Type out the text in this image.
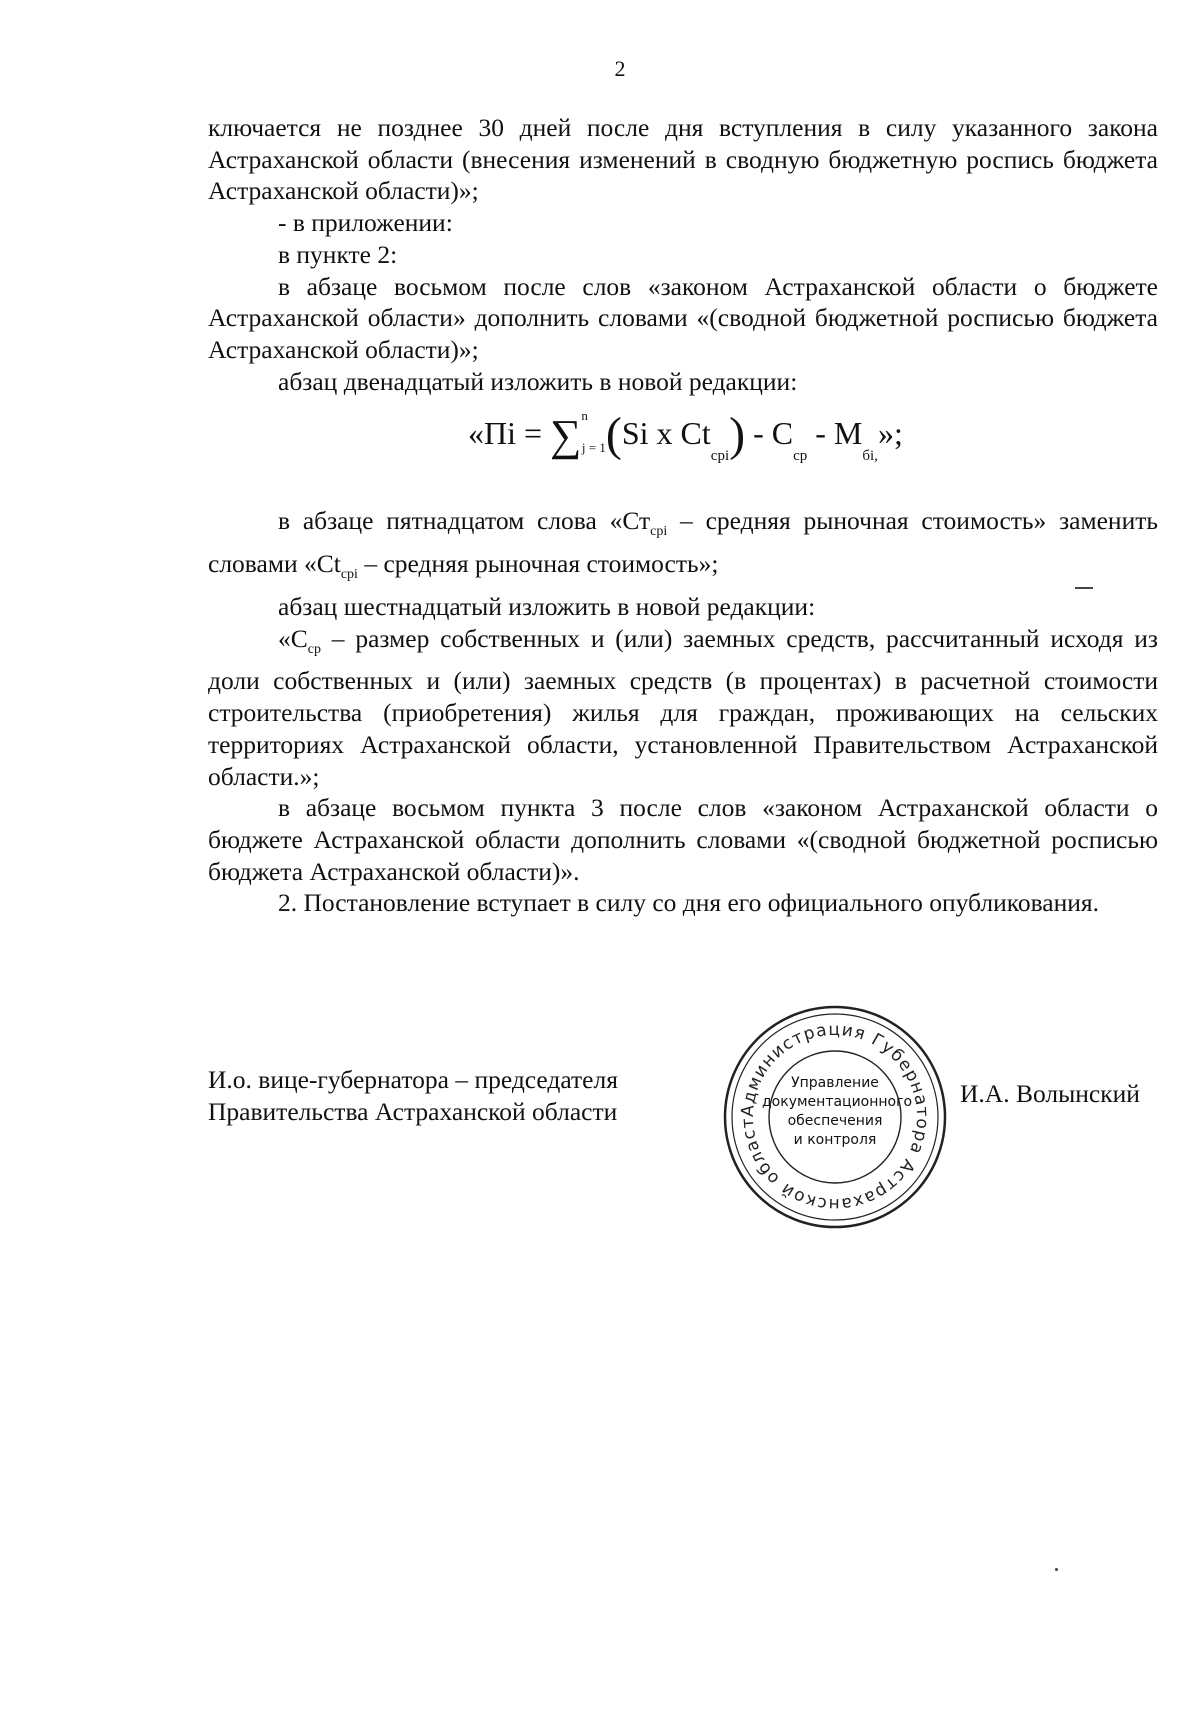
2

ключается не позднее 30 дней после дня вступления в силу указанного закона Астраханской области (внесения изменений в сводную бюджетную роспись бюджета Астраханской области)»;

- в приложении:

в пункте 2:

в абзаце восьмом после слов «законом Астраханской области о бюджете Астраханской области» дополнить словами «(сводной бюджетной росписью бюджета Астраханской области)»;

абзац двенадцатый изложить в новой редакции:

«Пi = ∑$^n_{j = 1}$(Si x $Ct_{срi}) - C_{ср} - M_{бi,}$»;

в абзаце пятнадцатом слова «$Ст_{срi}$ – средняя рыночная стоимость» заменить словами «$Ct_{срi}$ – средняя рыночная стоимость»;

абзац шестнадцатый изложить в новой редакции:

«$С_{ср}$ – размер собственных и (или) заемных средств, рассчитанный исходя из доли собственных и (или) заемных средств (в процентах) в расчетной стоимости строительства (приобретения) жилья для граждан, проживающих на сельских территориях Астраханской области, установленной Правительством Астраханской области.»;

в абзаце восьмом пункта 3 после слов «законом Астраханской области о бюджете Астраханской области дополнить словами «(сводной бюджетной росписью бюджета Астраханской области)».

2. Постановление вступает в силу со дня его официального опубликования.

И.о. вице-губернатора – председателя
Правительства Астраханской области	Администрация Губернатора Астраханской област
Управление
документационного
обеспечения
и контроля
И.А. Волынский
